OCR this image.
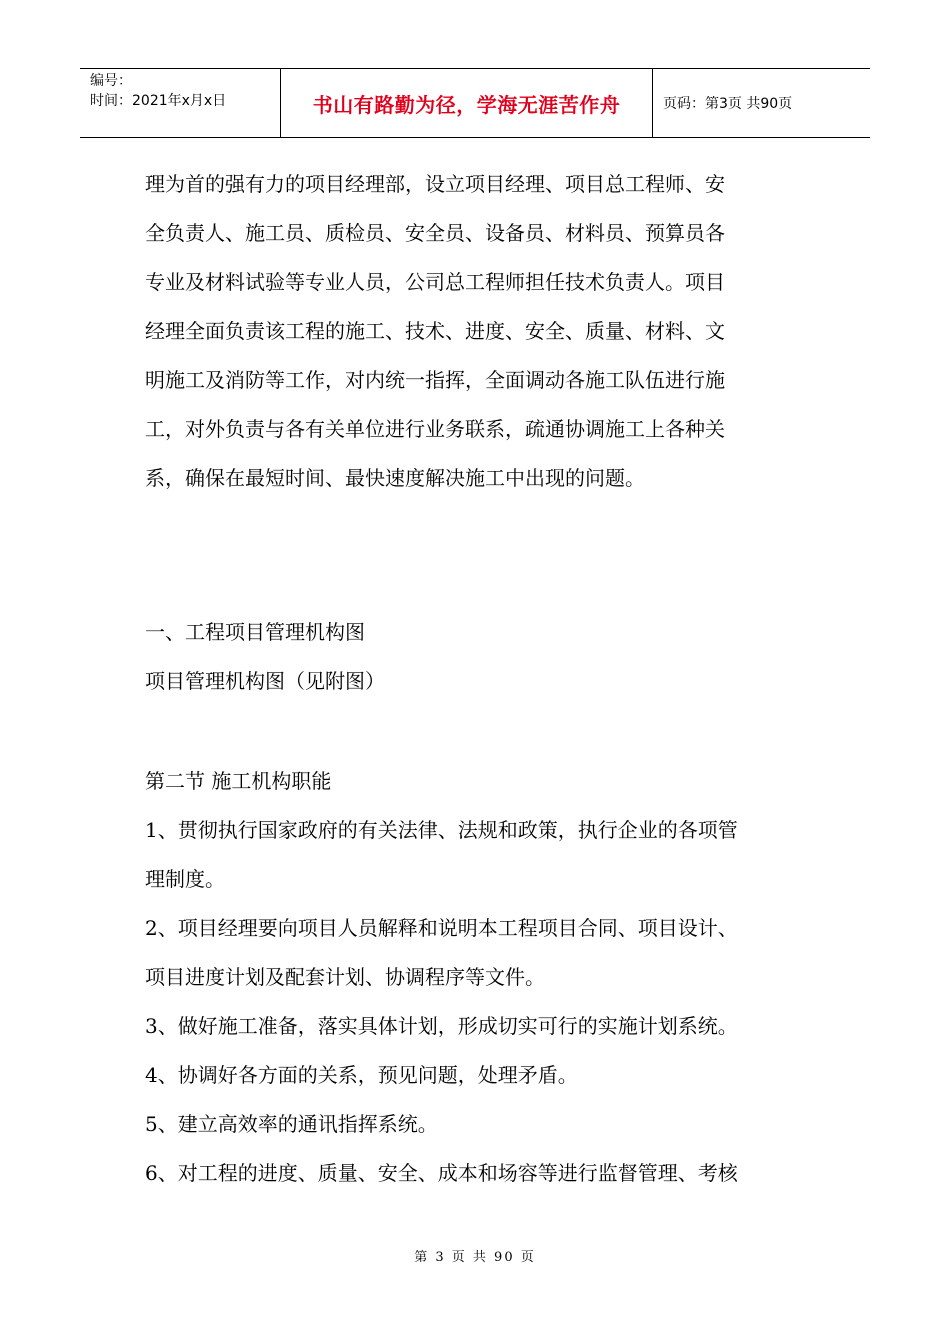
编号：
时间：2021年x月x日	书山有路勤为径，学海无涯苦作舟	页码：第3页 共90页
理为首的强有力的项目经理部，设立项目经理、项目总工程师、安
全负责人、施工员、质检员、安全员、设备员、材料员、预算员各
专业及材料试验等专业人员，公司总工程师担任技术负责人。项目
经理全面负责该工程的施工、技术、进度、安全、质量、材料、文
明施工及消防等工作，对内统一指挥，全面调动各施工队伍进行施
工，对外负责与各有关单位进行业务联系，疏通协调施工上各种关
系，确保在最短时间、最快速度解决施工中出现的问题。
一、工程项目管理机构图
项目管理机构图（见附图）
第二节 施工机构职能
1、贯彻执行国家政府的有关法律、法规和政策，执行企业的各项管
理制度。
2、项目经理要向项目人员解释和说明本工程项目合同、项目设计、
项目进度计划及配套计划、协调程序等文件。
3、做好施工准备，落实具体计划，形成切实可行的实施计划系统。
4、协调好各方面的关系，预见问题，处理矛盾。
5、建立高效率的通讯指挥系统。
6、对工程的进度、质量、安全、成本和场容等进行监督管理、考核
第 3 页 共 90 页
